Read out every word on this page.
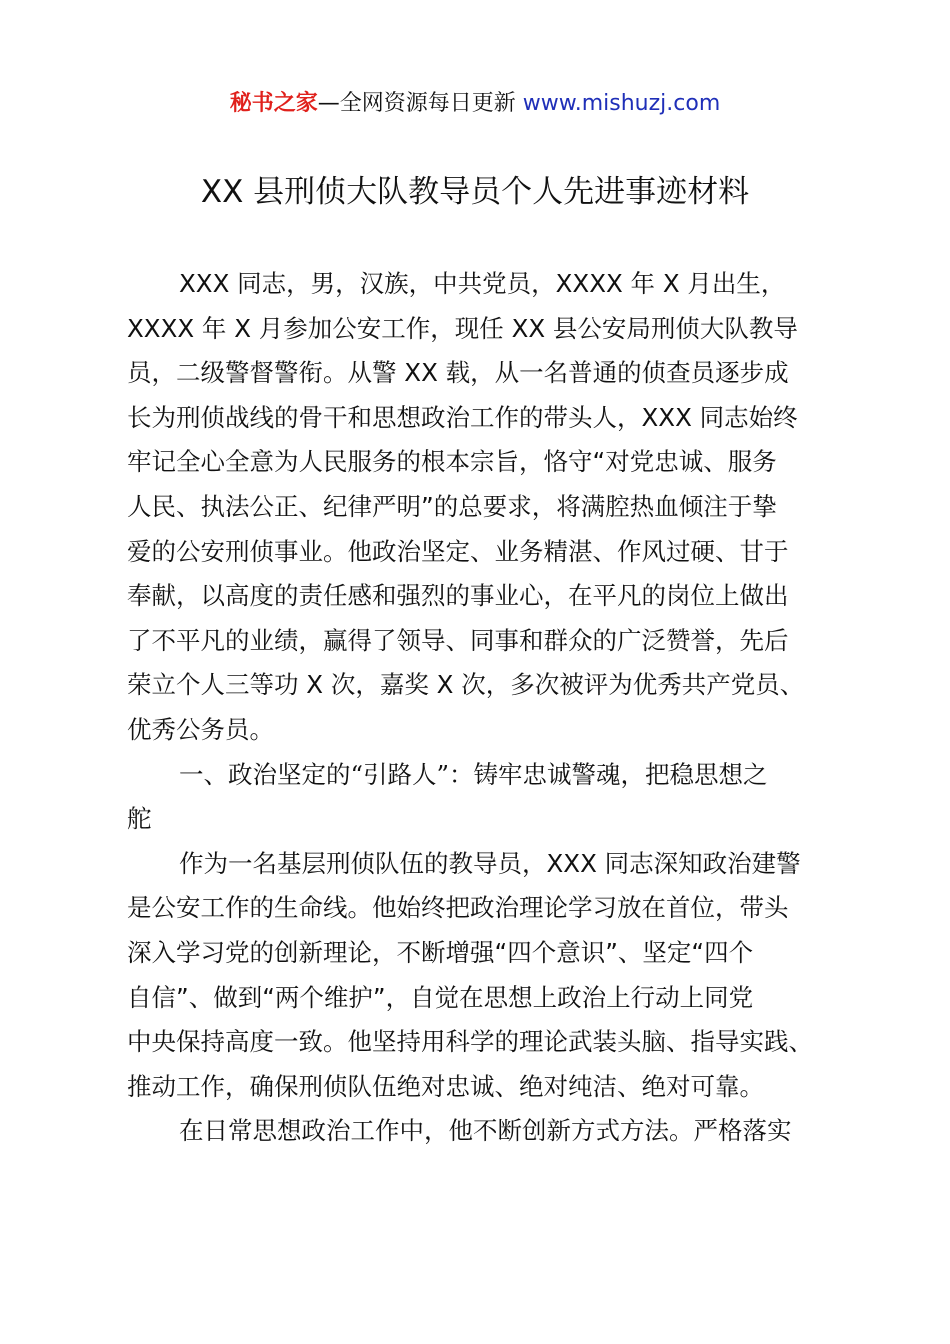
秘书之家—全网资源每日更新 www.mishuzj.com
XX 县刑侦大队教导员个人先进事迹材料
XXX 同志，男，汉族，中共党员，XXXX 年 X 月出生，
XXXX 年 X 月参加公安工作，现任 XX 县公安局刑侦大队教导
员，二级警督警衔。从警 XX 载，从一名普通的侦查员逐步成
长为刑侦战线的骨干和思想政治工作的带头人，XXX 同志始终
牢记全心全意为人民服务的根本宗旨，恪守“对党忠诚、服务
人民、执法公正、纪律严明”的总要求，将满腔热血倾注于挚
爱的公安刑侦事业。他政治坚定、业务精湛、作风过硬、甘于
奉献，以高度的责任感和强烈的事业心，在平凡的岗位上做出
了不平凡的业绩，赢得了领导、同事和群众的广泛赞誉，先后
荣立个人三等功 X 次，嘉奖 X 次，多次被评为优秀共产党员、
优秀公务员。
一、政治坚定的“引路人”：铸牢忠诚警魂，把稳思想之
舵
作为一名基层刑侦队伍的教导员，XXX 同志深知政治建警
是公安工作的生命线。他始终把政治理论学习放在首位，带头
深入学习党的创新理论，不断增强“四个意识”、坚定“四个
自信”、做到“两个维护”，自觉在思想上政治上行动上同党
中央保持高度一致。他坚持用科学的理论武装头脑、指导实践、
推动工作，确保刑侦队伍绝对忠诚、绝对纯洁、绝对可靠。
在日常思想政治工作中，他不断创新方式方法。严格落实
